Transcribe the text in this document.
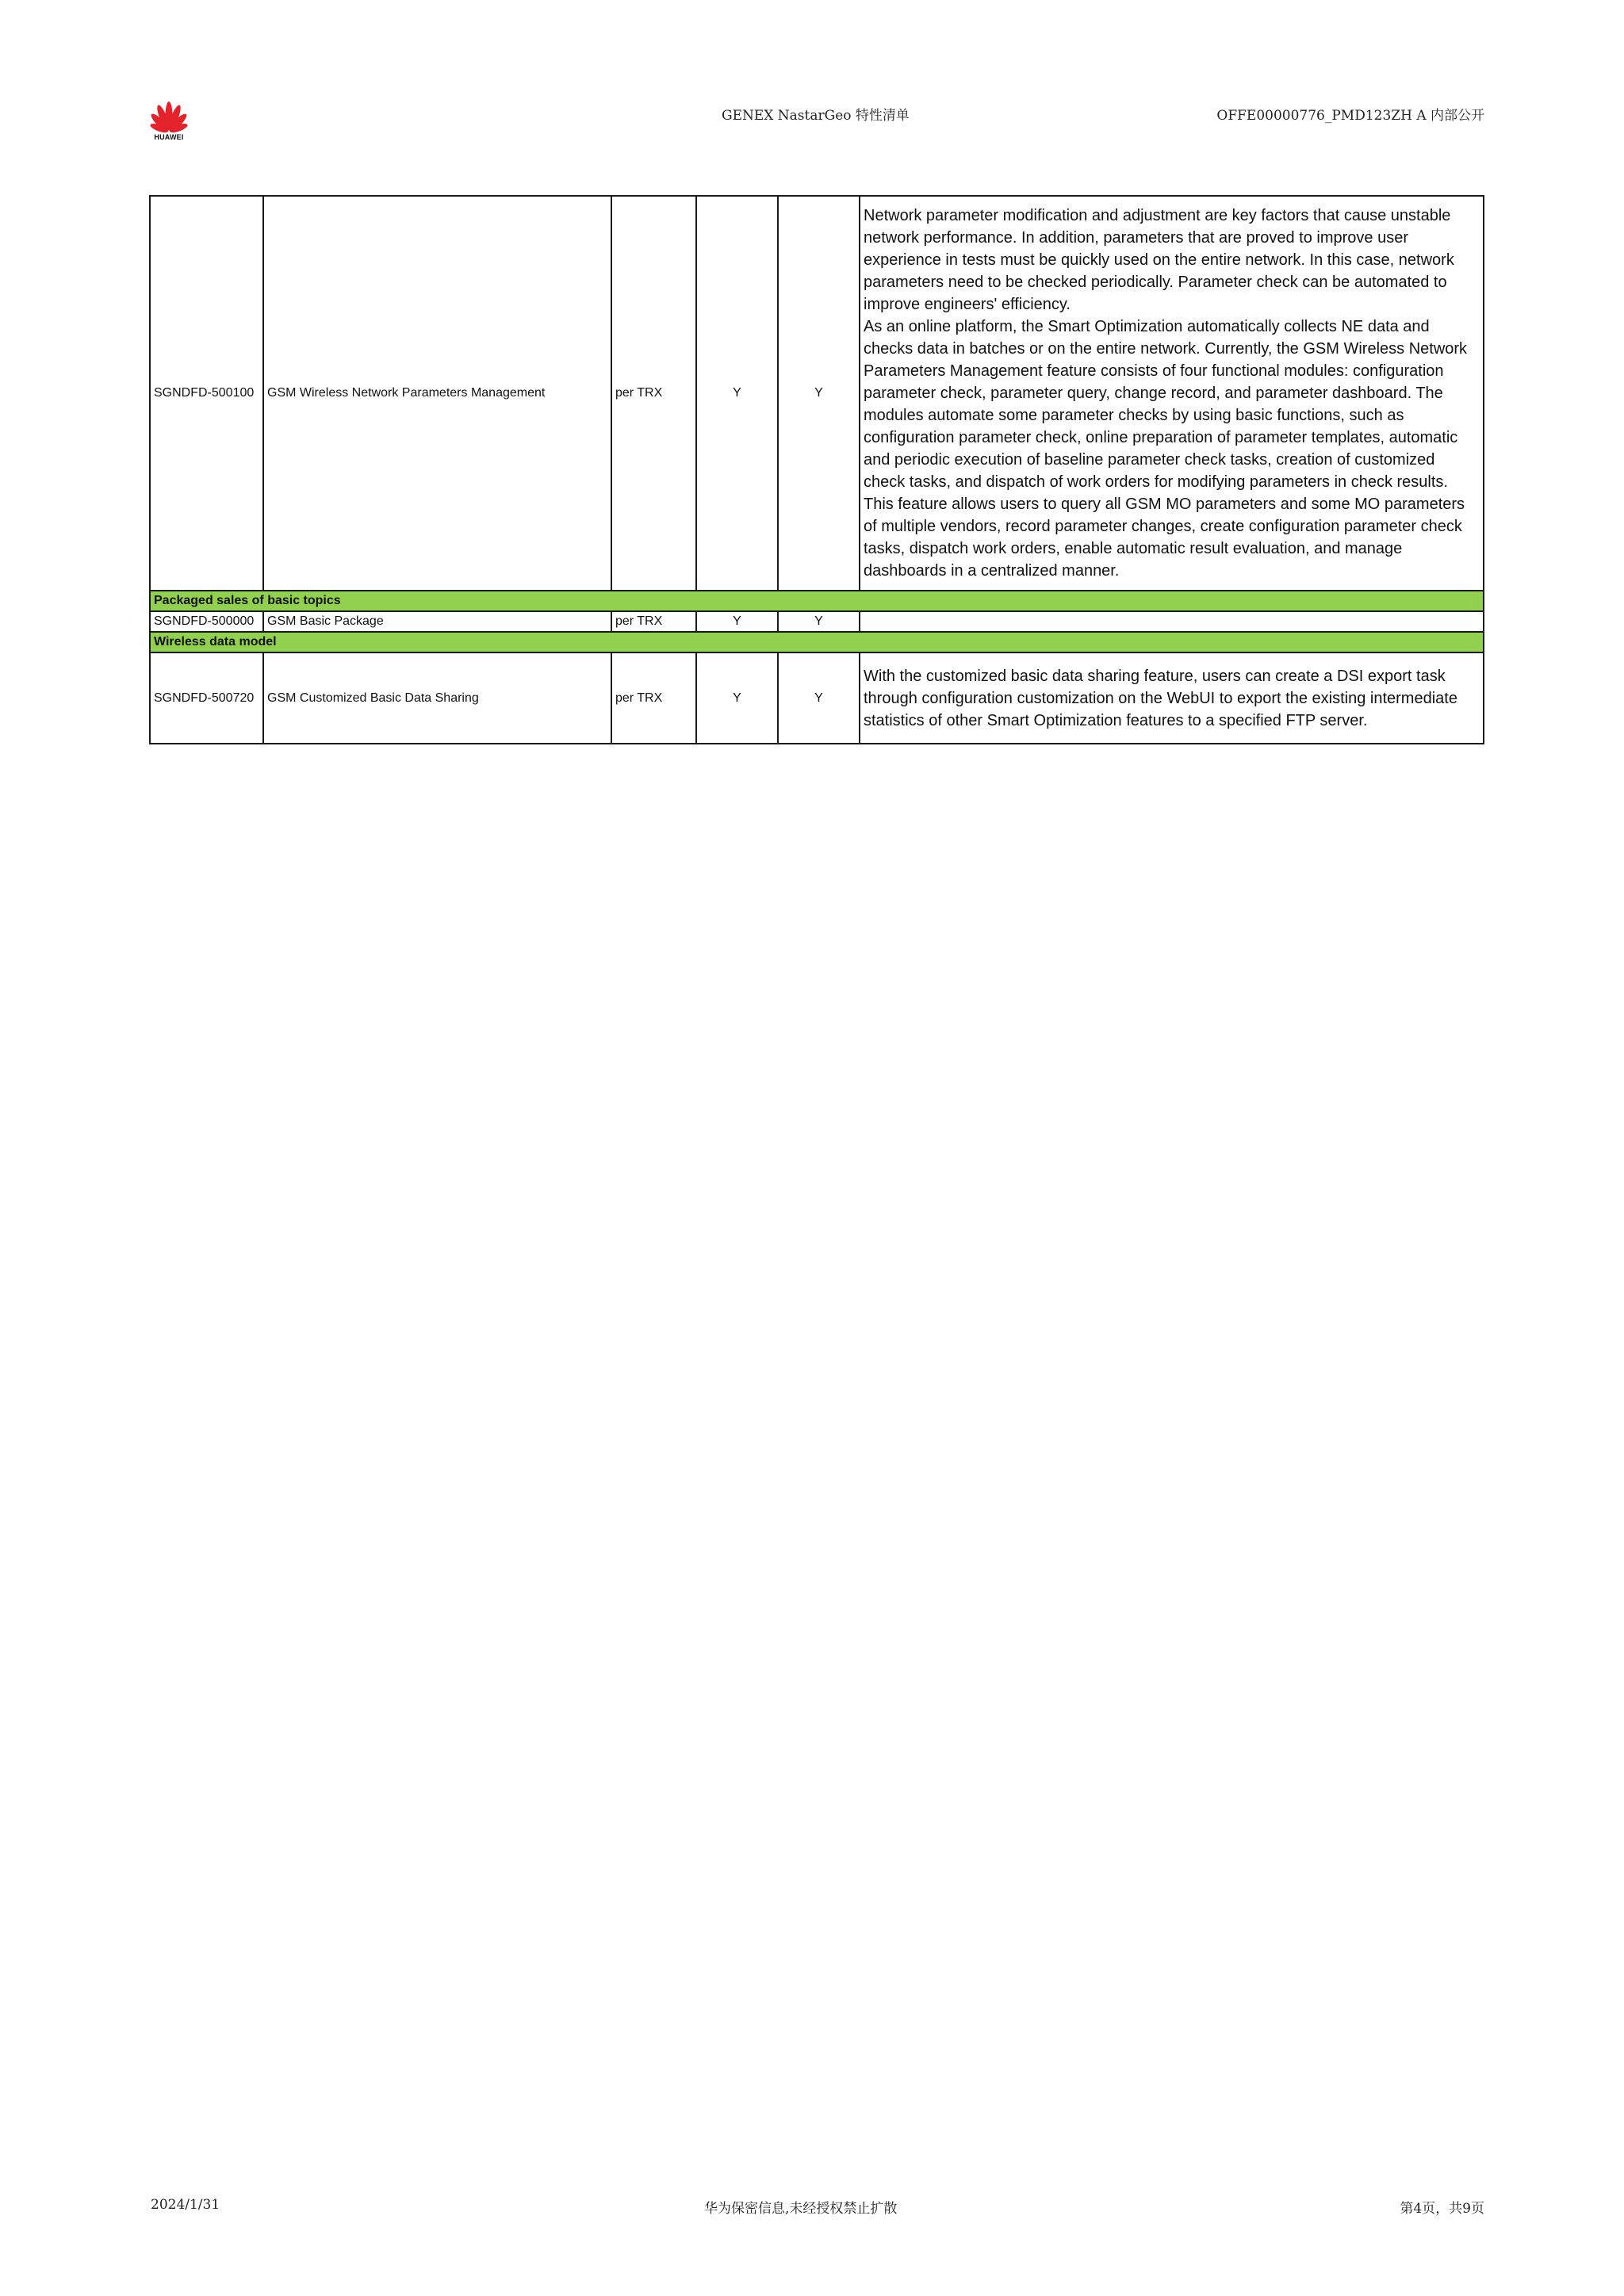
HUAWEI
GENEX NastarGeo 特性清单	OFFE00000776_PMD123ZH A 内部公开
SGNDFD-500100	GSM Wireless Network Parameters Management	per TRX	Y	Y	Network parameter modification and adjustment are key factors that cause unstable network performance. In addition, parameters that are proved to improve user experience in tests must be quickly used on the entire network. In this case, network parameters need to be checked periodically. Parameter check can be automated to improve engineers' efficiency.
As an online platform, the Smart Optimization automatically collects NE data and checks data in batches or on the entire network. Currently, the GSM Wireless Network Parameters Management feature consists of four functional modules: configuration parameter check, parameter query, change record, and parameter dashboard. The modules automate some parameter checks by using basic functions, such as configuration parameter check, online preparation of parameter templates, automatic and periodic execution of baseline parameter check tasks, creation of customized check tasks, and dispatch of work orders for modifying parameters in check results. This feature allows users to query all GSM MO parameters and some MO parameters of multiple vendors, record parameter changes, create configuration parameter check tasks, dispatch work orders, enable automatic result evaluation, and manage dashboards in a centralized manner.

Packaged sales of basic topics					
SGNDFD-500000	GSM Basic Package	per TRX	Y	Y	
Wireless data model					
SGNDFD-500720	GSM Customized Basic Data Sharing	per TRX	Y	Y	With the customized basic data sharing feature, users can create a DSI export task through configuration customization on the WebUI to export the existing intermediate statistics of other Smart Optimization features to a specified FTP server.
2024/1/31	华为保密信息,未经授权禁止扩散	第4页，共9页
